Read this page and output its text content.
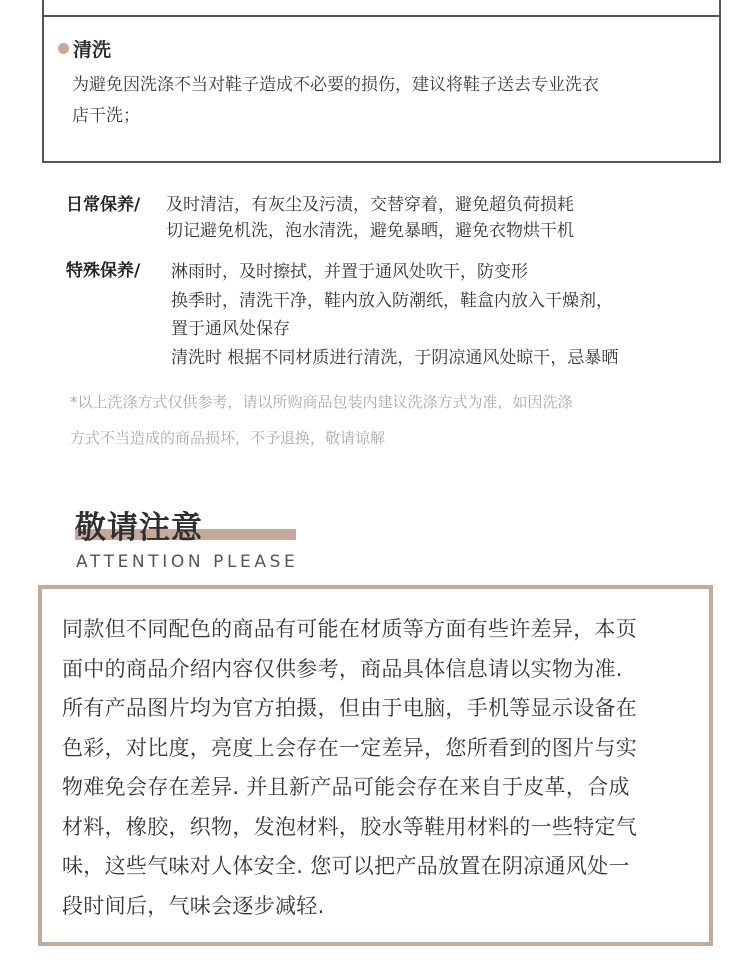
清洗
为避免因洗涤不当对鞋子造成不必要的损伤，建议将鞋子送去专业洗衣
店干洗；
日常保养/	及时清洁，有灰尘及污渍，交替穿着，避免超负荷损耗
切记避免机洗，泡水清洗，避免暴晒，避免衣物烘干机
特殊保养/	淋雨时，及时擦拭，并置于通风处吹干，防变形
换季时，清洗干净，鞋内放入防潮纸，鞋盒内放入干燥剂，
置于通风处保存
清洗时 根据不同材质进行清洗，于阴凉通风处晾干，忌暴晒
*以上洗涤方式仅供参考，请以所购商品包装内建议洗涤方式为准，如因洗涤
方式不当造成的商品损坏，不予退换，敬请谅解
敬请注意
ATTENTION PLEASE
同款但不同配色的商品有可能在材质等方面有些许差异，本页
面中的商品介绍内容仅供参考，商品具体信息请以实物为准.
所有产品图片均为官方拍摄，但由于电脑，手机等显示设备在
色彩，对比度，亮度上会存在一定差异，您所看到的图片与实
物难免会存在差异. 并且新产品可能会存在来自于皮革，合成
材料，橡胶，织物，发泡材料，胶水等鞋用材料的一些特定气
味，这些气味对人体安全. 您可以把产品放置在阴凉通风处一
段时间后，气味会逐步减轻.
